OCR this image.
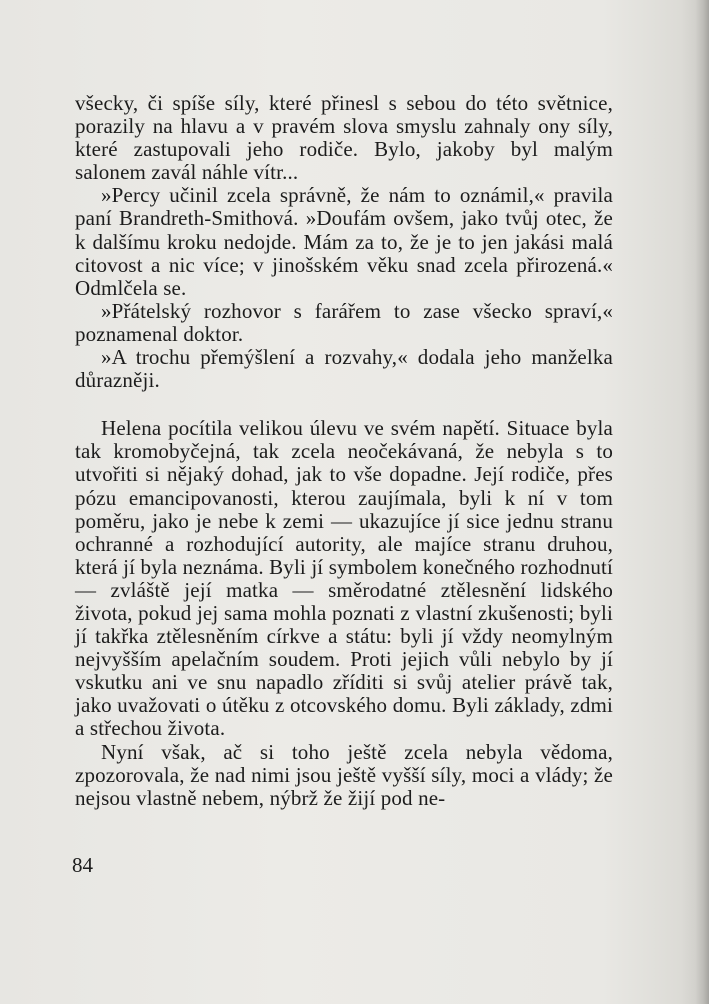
všecky, či spíše síly, které přinesl s sebou do této světnice, porazily na hlavu a v pravém slova smyslu zahnaly ony síly, které zastupovali jeho rodiče. Bylo, jakoby byl malým salonem zavál náhle vítr...

»Percy učinil zcela správně, že nám to oznámil,« pravila paní Brandreth-Smithová. »Doufám ovšem, jako tvůj otec, že k dalšímu kroku nedojde. Mám za to, že je to jen jakási malá citovost a nic více; v jinošském věku snad zcela přirozená.« Odmlčela se.

»Přátelský rozhovor s farářem to zase všecko spraví,« poznamenal doktor.

»A trochu přemýšlení a rozvahy,« dodala jeho manželka důrazněji.

Helena pocítila velikou úlevu ve svém napětí. Situace byla tak kromobyčejná, tak zcela neočekávaná, že nebyla s to utvořiti si nějaký dohad, jak to vše dopadne. Její rodiče, přes pózu emancipovanosti, kterou zaujímala, byli k ní v tom poměru, jako je nebe k zemi — ukazujíce jí sice jednu stranu ochranné a rozhodující autority, ale majíce stranu druhou, která jí byla neznáma. Byli jí symbolem konečného rozhodnutí — zvláště její matka — směrodatné ztělesnění lidského života, pokud jej sama mohla poznati z vlastní zkušenosti; byli jí takřka ztělesněním církve a státu: byli jí vždy neomylným nejvyšším apelačním soudem. Proti jejich vůli nebylo by jí vskutku ani ve snu napadlo zříditi si svůj atelier právě tak, jako uvažovati o útěku z otcovského domu. Byli základy, zdmi a střechou života.

Nyní však, ač si toho ještě zcela nebyla vědoma, zpozorovala, že nad nimi jsou ještě vyšší síly, moci a vlády; že nejsou vlastně nebem, nýbrž že žijí pod ne-

84
